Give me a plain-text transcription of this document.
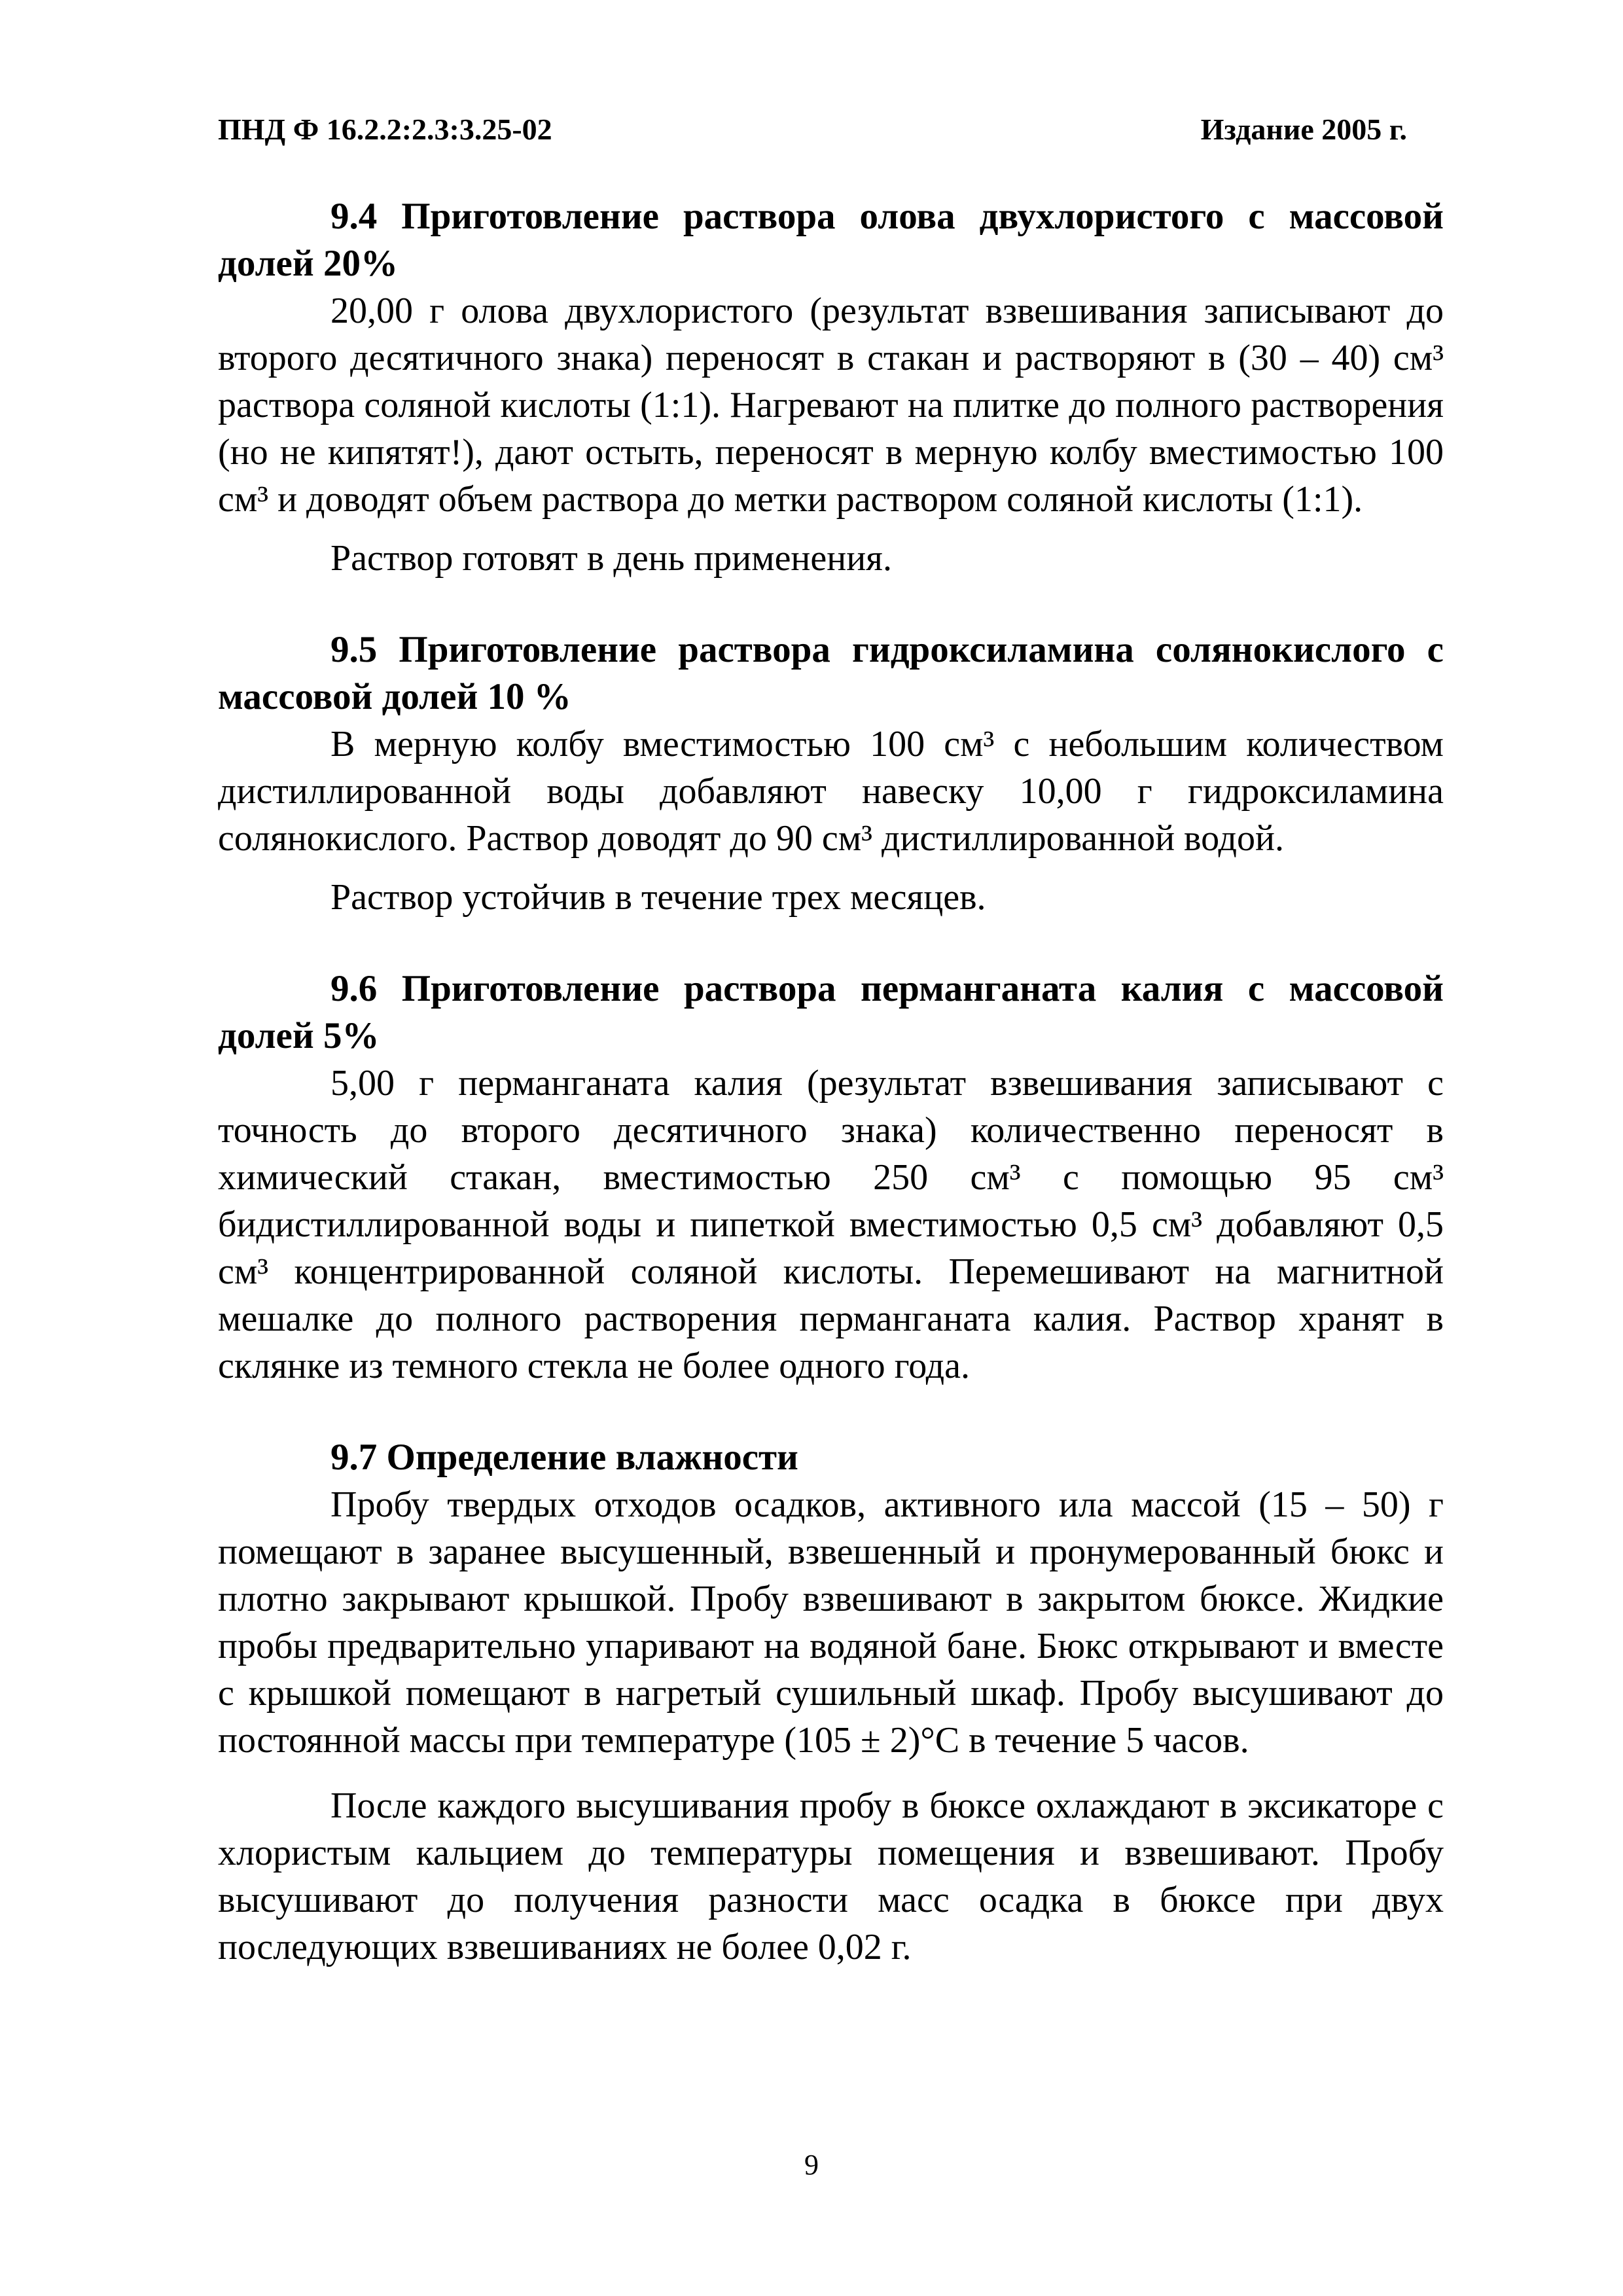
ПНД Ф 16.2.2:2.3:3.25-02	Издание 2005 г.

9.4 Приготовление раствора олова двухлористого с массовой долей 20%

20,00 г олова двухлористого (результат взвешивания записывают до второго десятичного знака) переносят в стакан и растворяют в (30 – 40) см³ раствора соляной кислоты (1:1). Нагревают на плитке до полного растворения (но не кипятят!), дают остыть, переносят в мерную колбу вместимостью 100 см³ и доводят объем раствора до метки раствором соляной кислоты (1:1).

Раствор готовят в день применения.

9.5 Приготовление раствора гидроксиламина солянокислого с массовой долей 10 %

В мерную колбу вместимостью 100 см³ с небольшим количеством дистиллированной воды добавляют навеску 10,00 г гидроксиламина солянокислого. Раствор доводят до 90 см³ дистиллированной водой.

Раствор устойчив в течение трех месяцев.

9.6 Приготовление раствора перманганата калия с массовой долей 5%

5,00 г перманганата калия (результат взвешивания записывают с точность до второго десятичного знака) количественно переносят в химический стакан, вместимостью 250 см³ с помощью 95 см³ бидистиллированной воды и пипеткой вместимостью 0,5 см³ добавляют 0,5 см³ концентрированной соляной кислоты. Перемешивают на магнитной мешалке до полного растворения перманганата калия. Раствор хранят в склянке из темного стекла не более одного года.

9.7 Определение влажности

Пробу твердых отходов осадков, активного ила массой (15 – 50) г помещают в заранее высушенный, взвешенный и пронумерованный бюкс и плотно закрывают крышкой. Пробу взвешивают в закрытом бюксе. Жидкие пробы предварительно упаривают на водяной бане. Бюкс открывают и вместе с крышкой помещают в нагретый сушильный шкаф. Пробу высушивают до постоянной массы при температуре (105 ± 2)°С в течение 5 часов.

После каждого высушивания пробу в бюксе охлаждают в эксикаторе с хлористым кальцием до температуры помещения и взвешивают. Пробу высушивают до получения разности масс осадка в бюксе при двух последующих взвешиваниях не более 0,02 г.

9
